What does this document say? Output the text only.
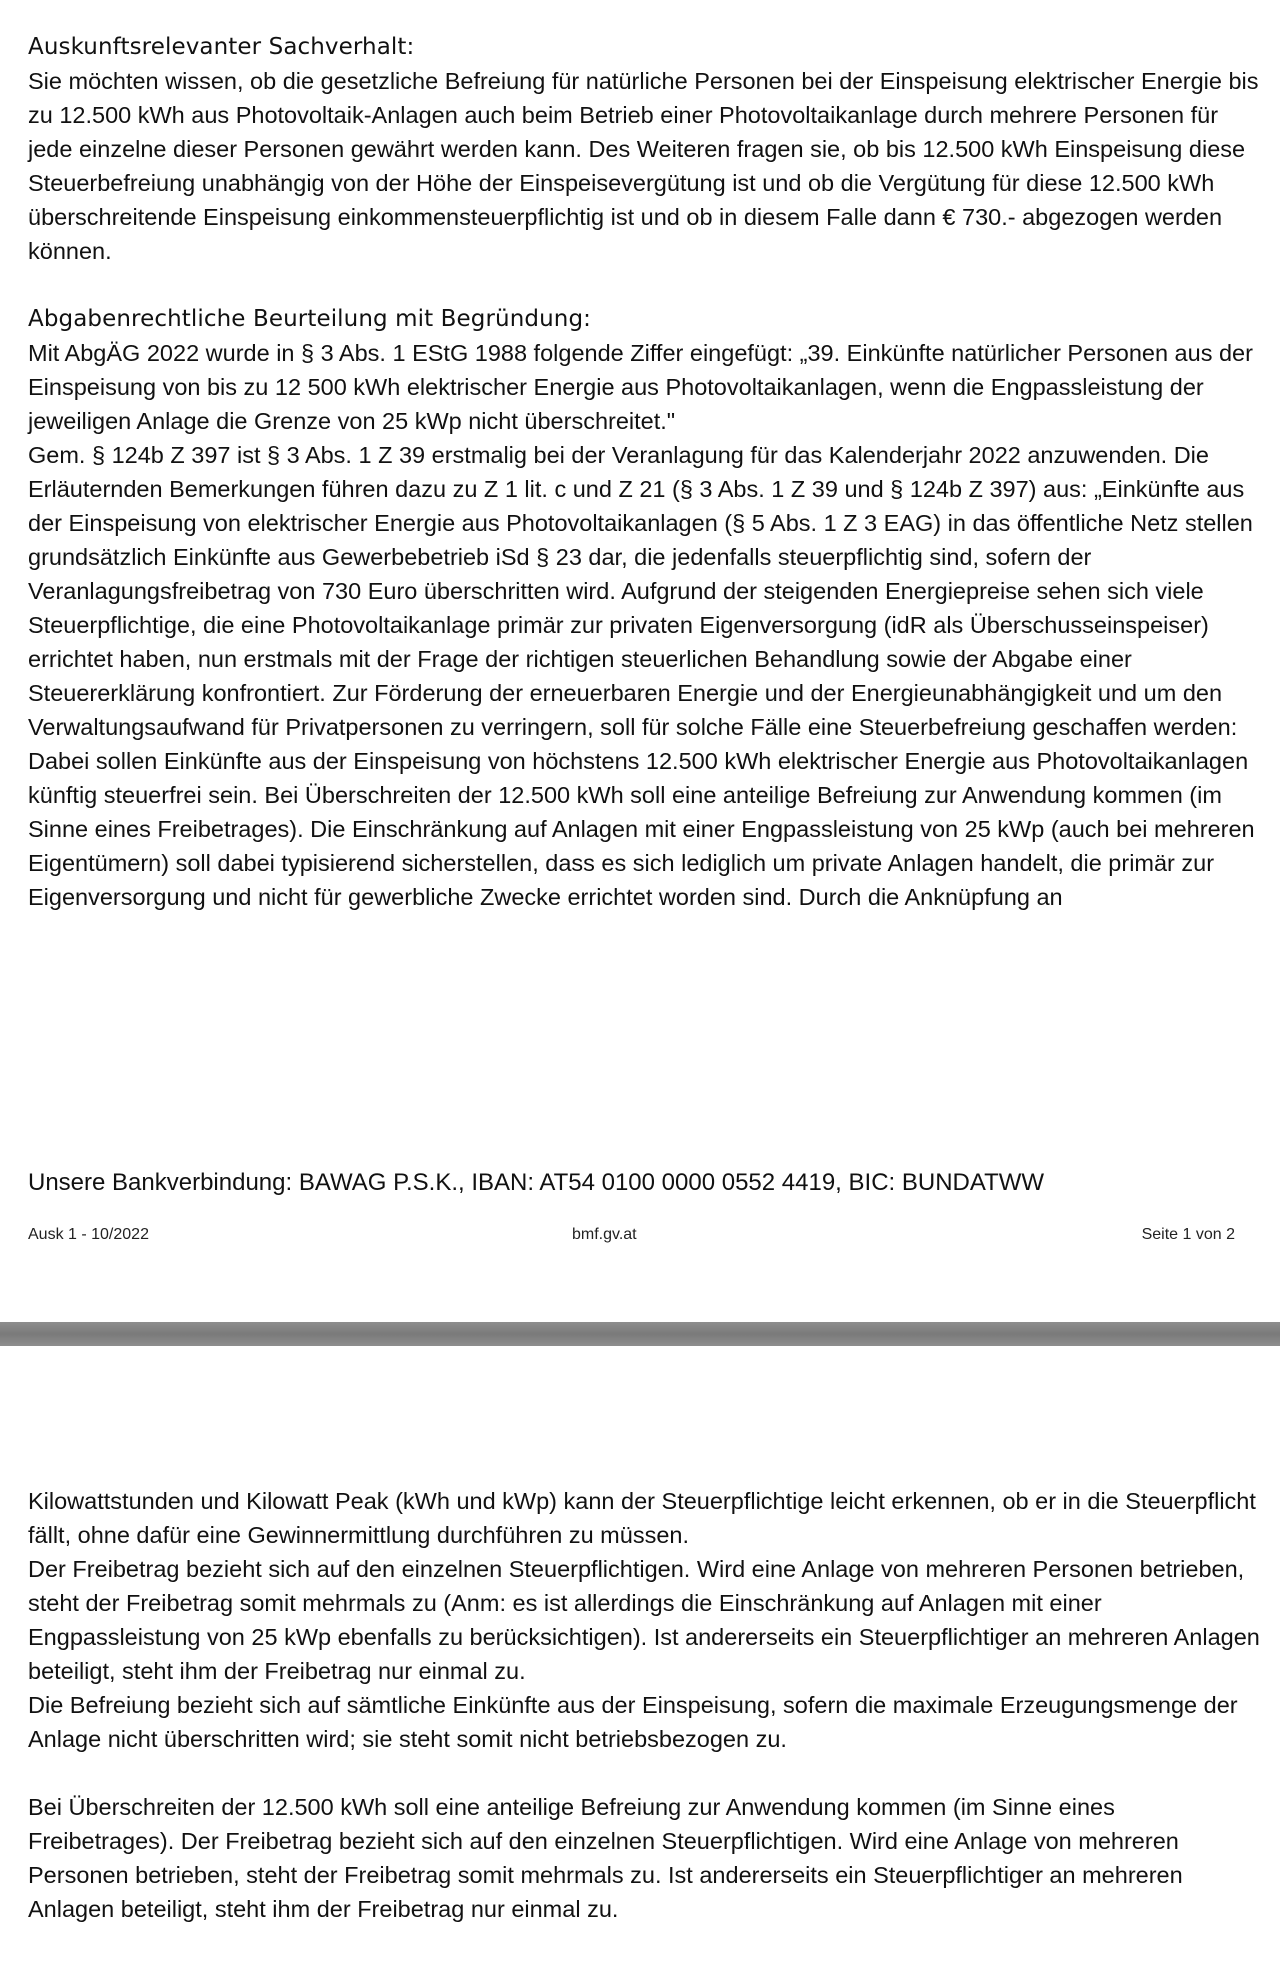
Auskunftsrelevanter Sachverhalt:

Sie möchten wissen, ob die gesetzliche Befreiung für natürliche Personen bei der Einspeisung elektrischer Energie bis zu 12.500 kWh aus Photovoltaik-Anlagen auch beim Betrieb einer Photovoltaikanlage durch mehrere Personen für jede einzelne dieser Personen gewährt werden kann. Des Weiteren fragen sie, ob bis 12.500 kWh Einspeisung diese Steuerbefreiung unabhängig von der Höhe der Einspeisevergütung ist und ob die Vergütung für diese 12.500 kWh überschreitende Einspeisung einkommensteuerpflichtig ist und ob in diesem Falle dann € 730.- abgezogen werden können.

Abgabenrechtliche Beurteilung mit Begründung:

Mit AbgÄG 2022 wurde in § 3 Abs. 1 EStG 1988 folgende Ziffer eingefügt: „39. Einkünfte natürlicher Personen aus der Einspeisung von bis zu 12 500 kWh elektrischer Energie aus Photovoltaikanlagen, wenn die Engpassleistung der jeweiligen Anlage die Grenze von 25 kWp nicht überschreitet."

Gem. § 124b Z 397 ist § 3 Abs. 1 Z 39 erstmalig bei der Veranlagung für das Kalenderjahr 2022 anzuwenden. Die Erläuternden Bemerkungen führen dazu zu Z 1 lit. c und Z 21 (§ 3 Abs. 1 Z 39 und § 124b Z 397) aus: „Einkünfte aus der Einspeisung von elektrischer Energie aus Photovoltaikanlagen (§ 5 Abs. 1 Z 3 EAG) in das öffentliche Netz stellen grundsätzlich Einkünfte aus Gewerbebetrieb iSd § 23 dar, die jedenfalls steuerpflichtig sind, sofern der Veranlagungsfreibetrag von 730 Euro überschritten wird. Aufgrund der steigenden Energiepreise sehen sich viele Steuerpflichtige, die eine Photovoltaikanlage primär zur privaten Eigenversorgung (idR als Überschusseinspeiser) errichtet haben, nun erstmals mit der Frage der richtigen steuerlichen Behandlung sowie der Abgabe einer Steuererklärung konfrontiert. Zur Förderung der erneuerbaren Energie und der Energieunabhängigkeit und um den Verwaltungsaufwand für Privatpersonen zu verringern, soll für solche Fälle eine Steuerbefreiung geschaffen werden: Dabei sollen Einkünfte aus der Einspeisung von höchstens 12.500 kWh elektrischer Energie aus Photovoltaikanlagen künftig steuerfrei sein. Bei Überschreiten der 12.500 kWh soll eine anteilige Befreiung zur Anwendung kommen (im Sinne eines Freibetrages). Die Einschränkung auf Anlagen mit einer Engpassleistung von 25 kWp (auch bei mehreren Eigentümern) soll dabei typisierend sicherstellen, dass es sich lediglich um private Anlagen handelt, die primär zur Eigenversorgung und nicht für gewerbliche Zwecke errichtet worden sind. Durch die Anknüpfung an

Unsere Bankverbindung: BAWAG P.S.K., IBAN: AT54 0100 0000 0552 4419, BIC: BUNDATWW
Ausk 1 - 10/2022	bmf.gv.at	Seite 1 von 2

Kilowattstunden und Kilowatt Peak (kWh und kWp) kann der Steuerpflichtige leicht erkennen, ob er in die Steuerpflicht fällt, ohne dafür eine Gewinnermittlung durchführen zu müssen.

Der Freibetrag bezieht sich auf den einzelnen Steuerpflichtigen. Wird eine Anlage von mehreren Personen betrieben, steht der Freibetrag somit mehrmals zu (Anm: es ist allerdings die Einschränkung auf Anlagen mit einer Engpassleistung von 25 kWp ebenfalls zu berücksichtigen). Ist andererseits ein Steuerpflichtiger an mehreren Anlagen beteiligt, steht ihm der Freibetrag nur einmal zu.

Die Befreiung bezieht sich auf sämtliche Einkünfte aus der Einspeisung, sofern die maximale Erzeugungsmenge der Anlage nicht überschritten wird; sie steht somit nicht betriebsbezogen zu.

Bei Überschreiten der 12.500 kWh soll eine anteilige Befreiung zur Anwendung kommen (im Sinne eines Freibetrages). Der Freibetrag bezieht sich auf den einzelnen Steuerpflichtigen. Wird eine Anlage von mehreren Personen betrieben, steht der Freibetrag somit mehrmals zu. Ist andererseits ein Steuerpflichtiger an mehreren Anlagen beteiligt, steht ihm der Freibetrag nur einmal zu.
